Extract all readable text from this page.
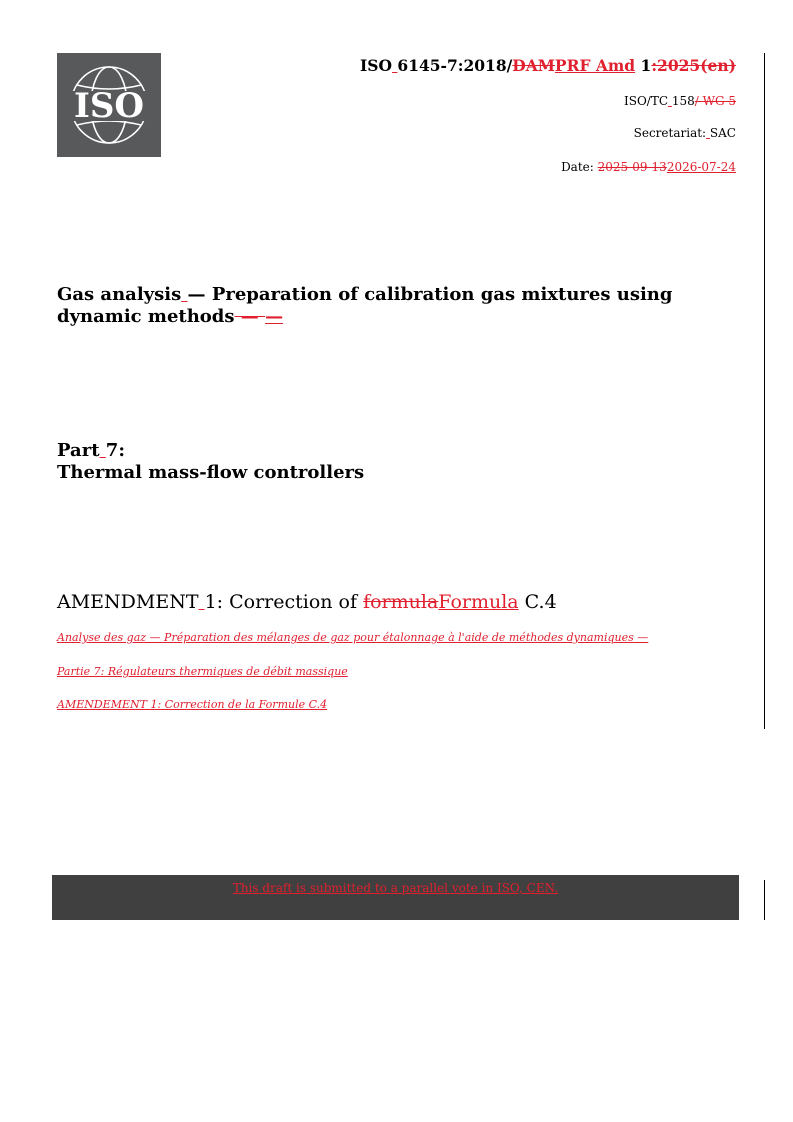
ISO
ISO 6145-7:2018/DAMPRF Amd 1:2025(en)
ISO/TC 158/ WG 5
Secretariat: SAC
Date: 2025-09-132026-07-24
Gas analysis — Preparation of calibration gas mixtures using
dynamic methods — —
Part 7:
Thermal mass-flow controllers
AMENDMENT 1: Correction of formulaFormula C.4
Analyse des gaz — Préparation des mélanges de gaz pour étalonnage à l'aide de méthodes dynamiques —
Partie 7: Régulateurs thermiques de débit massique
AMENDEMENT 1: Correction de la Formule C.4
This draft is submitted to a parallel vote in ISO, CEN.
